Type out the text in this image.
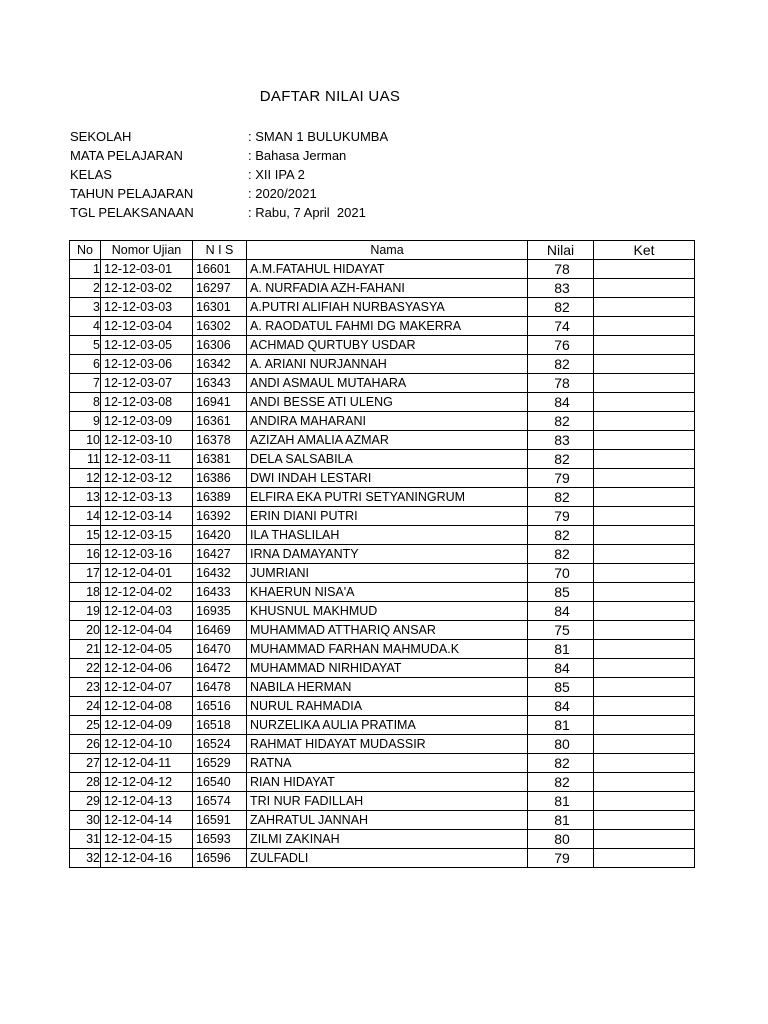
DAFTAR NILAI UAS
SEKOLAH	: SMAN 1 BULUKUMBA
MATA PELAJARAN	: Bahasa Jerman
KELAS	: XII IPA 2
TAHUN PELAJARAN	: 2020/2021
TGL PELAKSANAAN	: Rabu, 7 April  2021
No	Nomor Ujian	N I S	Nama	Nilai	Ket
1	12-12-03-01	16601	A.M.FATAHUL HIDAYAT	78	
2	12-12-03-02	16297	A. NURFADIA AZH-FAHANI	83	
3	12-12-03-03	16301	A.PUTRI ALIFIAH NURBASYASYA	82	
4	12-12-03-04	16302	A. RAODATUL FAHMI DG MAKERRA	74	
5	12-12-03-05	16306	ACHMAD QURTUBY USDAR	76	
6	12-12-03-06	16342	A. ARIANI NURJANNAH	82	
7	12-12-03-07	16343	ANDI ASMAUL MUTAHARA	78	
8	12-12-03-08	16941	ANDI BESSE ATI ULENG	84	
9	12-12-03-09	16361	ANDIRA MAHARANI	82	
10	12-12-03-10	16378	AZIZAH AMALIA AZMAR	83	
11	12-12-03-11	16381	DELA SALSABILA	82	
12	12-12-03-12	16386	DWI INDAH LESTARI	79	
13	12-12-03-13	16389	ELFIRA EKA PUTRI SETYANINGRUM	82	
14	12-12-03-14	16392	ERIN DIANI PUTRI	79	
15	12-12-03-15	16420	ILA THASLILAH	82	
16	12-12-03-16	16427	IRNA DAMAYANTY	82	
17	12-12-04-01	16432	JUMRIANI	70	
18	12-12-04-02	16433	KHAERUN NISA'A	85	
19	12-12-04-03	16935	KHUSNUL MAKHMUD	84	
20	12-12-04-04	16469	MUHAMMAD ATTHARIQ ANSAR	75	
21	12-12-04-05	16470	MUHAMMAD FARHAN MAHMUDA.K	81	
22	12-12-04-06	16472	MUHAMMAD NIRHIDAYAT	84	
23	12-12-04-07	16478	NABILA HERMAN	85	
24	12-12-04-08	16516	NURUL RAHMADIA	84	
25	12-12-04-09	16518	NURZELIKA AULIA PRATIMA	81	
26	12-12-04-10	16524	RAHMAT HIDAYAT MUDASSIR	80	
27	12-12-04-11	16529	RATNA	82	
28	12-12-04-12	16540	RIAN HIDAYAT	82	
29	12-12-04-13	16574	TRI NUR FADILLAH	81	
30	12-12-04-14	16591	ZAHRATUL JANNAH	81	
31	12-12-04-15	16593	ZILMI ZAKINAH	80	
32	12-12-04-16	16596	ZULFADLI	79	
